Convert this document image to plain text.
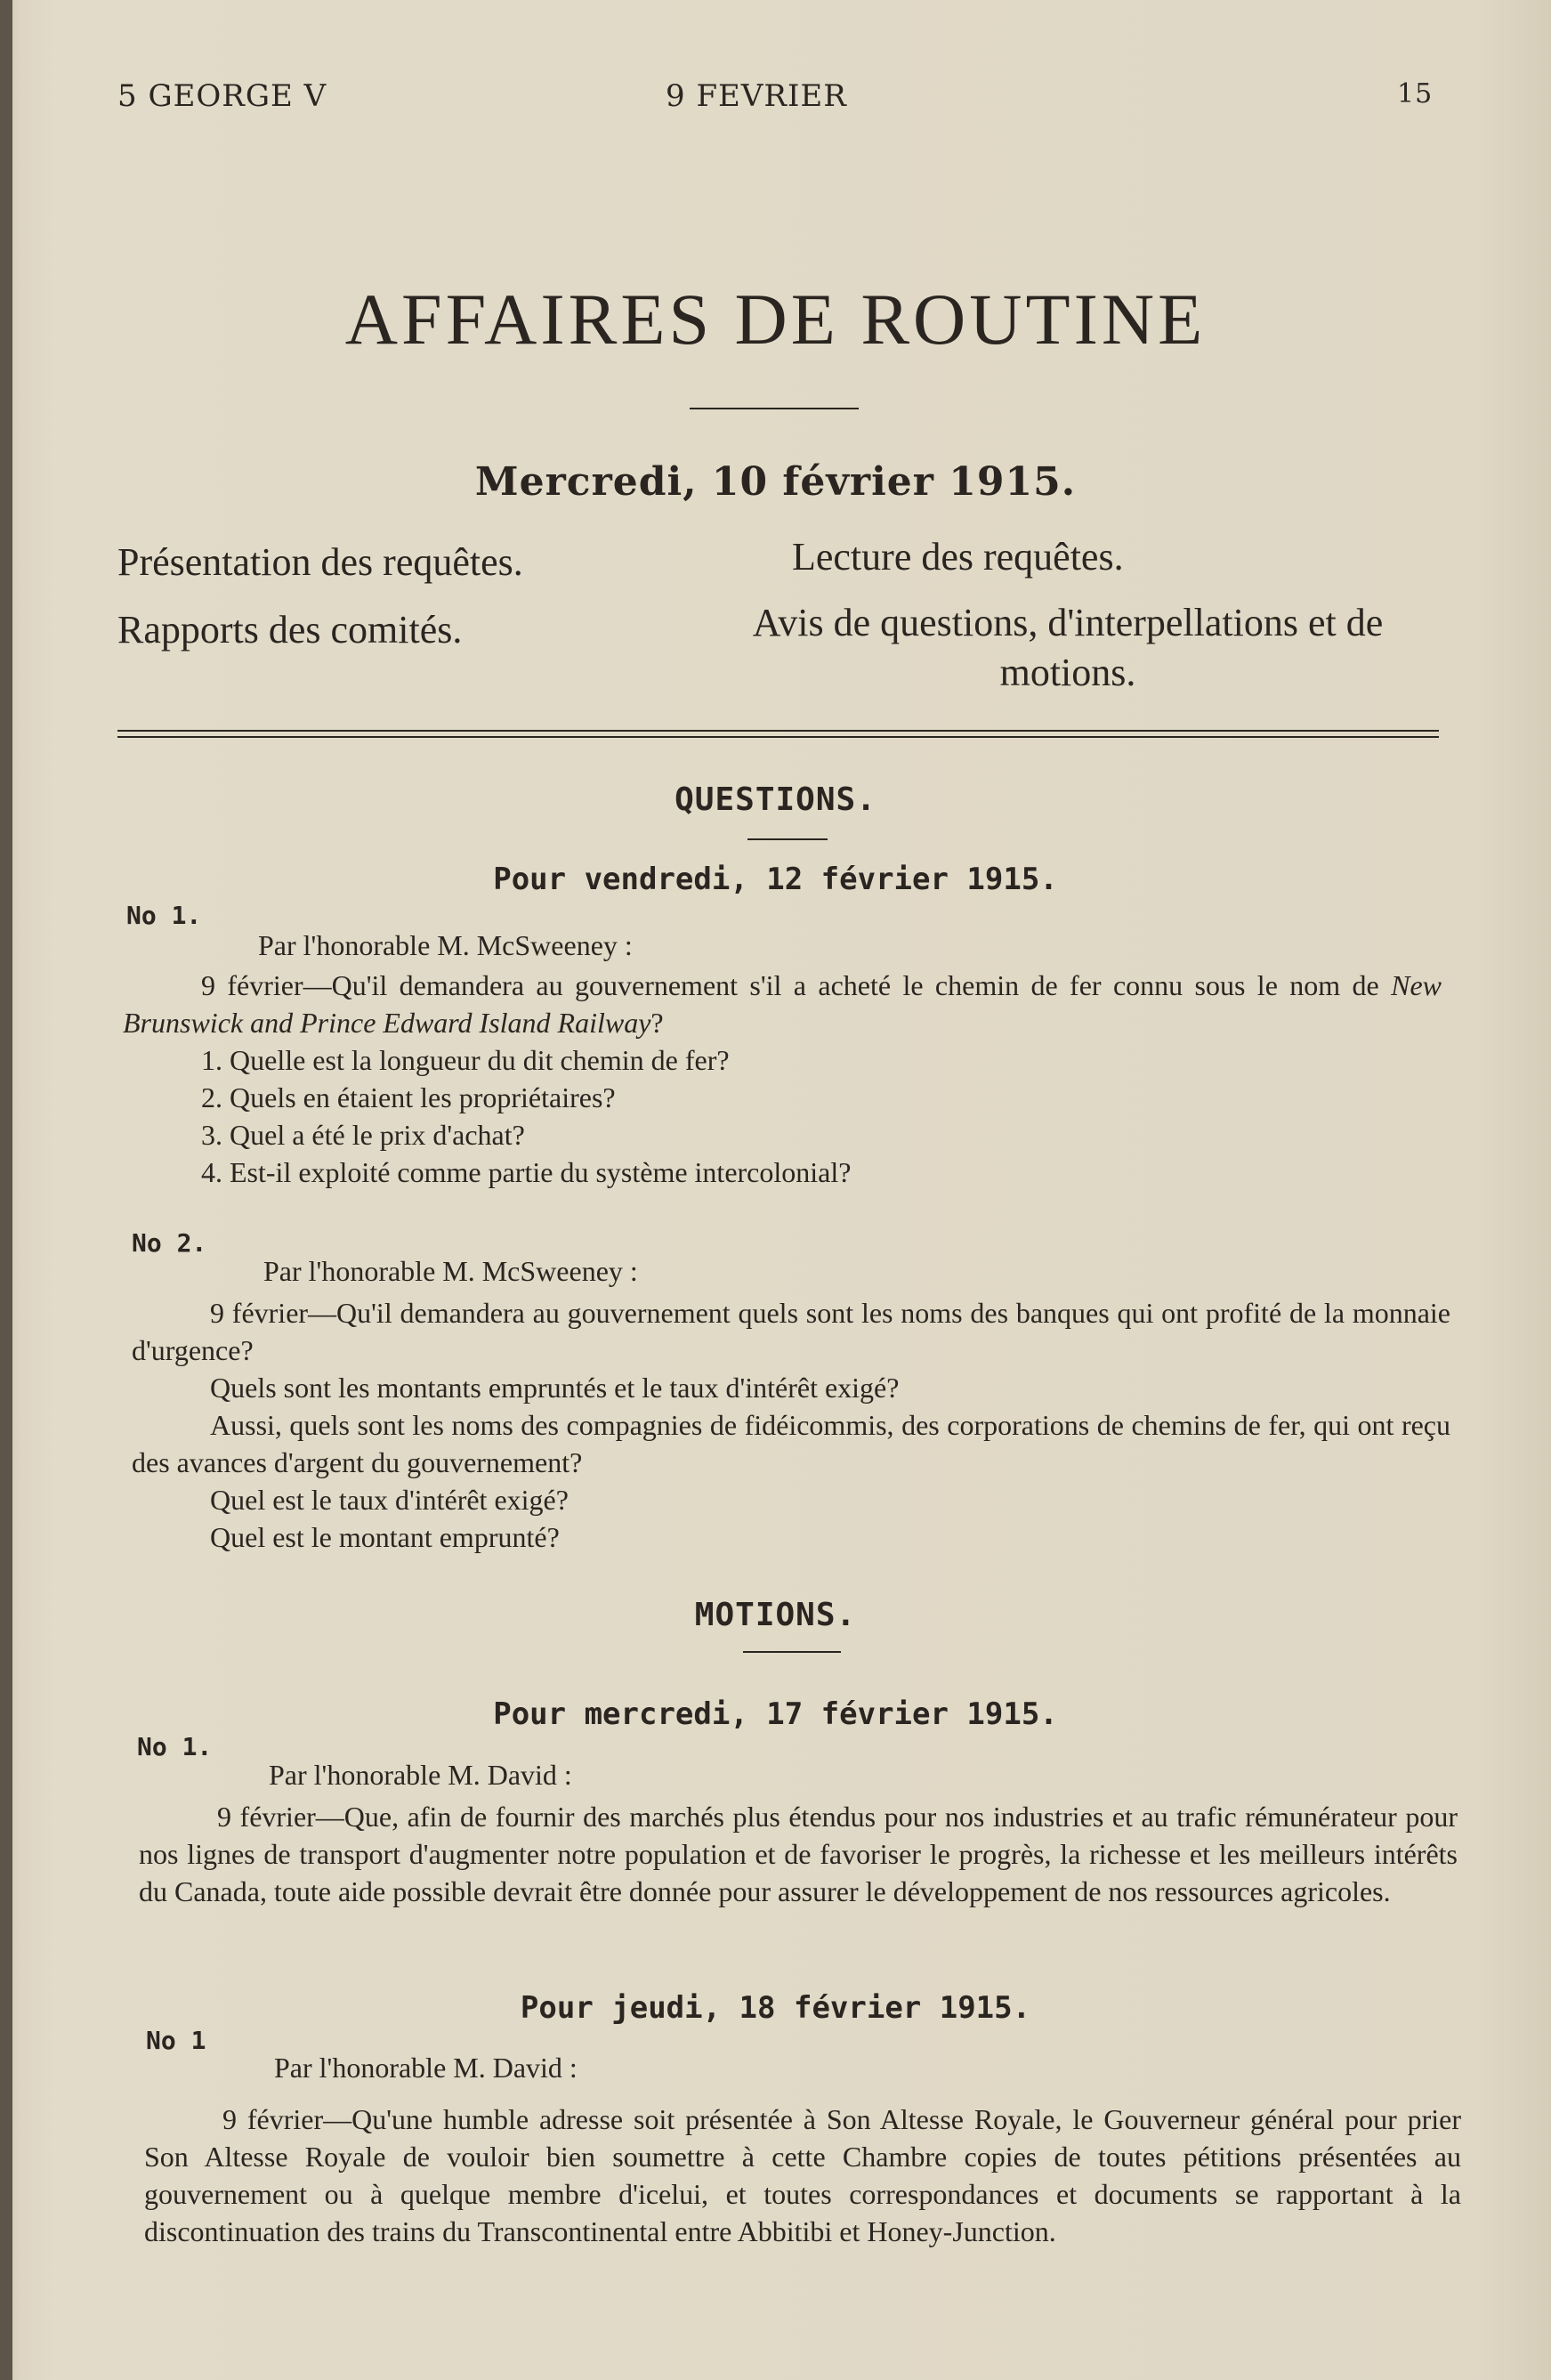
5 GEORGE V	9 FEVRIER	15
AFFAIRES DE ROUTINE
Mercredi, 10 février 1915.
Présentation des requêtes.	Lecture des requêtes.
Rapports des comités.	Avis de questions, d'interpellations et de motions.
QUESTIONS.
Pour vendredi, 12 février 1915.
No 1.
Par l'honorable M. McSweeney :
9 février—Qu'il demandera au gouvernement s'il a acheté le chemin de fer connu sous le nom de New Brunswick and Prince Edward Island Railway?
1. Quelle est la longueur du dit chemin de fer?
2. Quels en étaient les propriétaires?
3. Quel a été le prix d'achat?
4. Est-il exploité comme partie du système intercolonial?
No 2.
Par l'honorable M. McSweeney :
9 février—Qu'il demandera au gouvernement quels sont les noms des banques qui ont profité de la monnaie d'urgence?
Quels sont les montants empruntés et le taux d'intérêt exigé?
Aussi, quels sont les noms des compagnies de fidéicommis, des corporations de chemins de fer, qui ont reçu des avances d'argent du gouvernement?
Quel est le taux d'intérêt exigé?
Quel est le montant emprunté?
MOTIONS.
Pour mercredi, 17 février 1915.
No 1.
Par l'honorable M. David :
9 février—Que, afin de fournir des marchés plus étendus pour nos industries et au trafic rémunérateur pour nos lignes de transport d'augmenter notre population et de favoriser le progrès, la richesse et les meilleurs intérêts du Canada, toute aide possible devrait être donnée pour assurer le développement de nos ressources agricoles.
Pour jeudi, 18 février 1915.
No 1
Par l'honorable M. David :
9 février—Qu'une humble adresse soit présentée à Son Altesse Royale, le Gouverneur général pour prier Son Altesse Royale de vouloir bien soumettre à cette Chambre copies de toutes pétitions présentées au gouvernement ou à quelque membre d'icelui, et toutes correspondances et documents se rapportant à la discontinuation des trains du Transcontinental entre Abbitibi et Honey-Junction.
